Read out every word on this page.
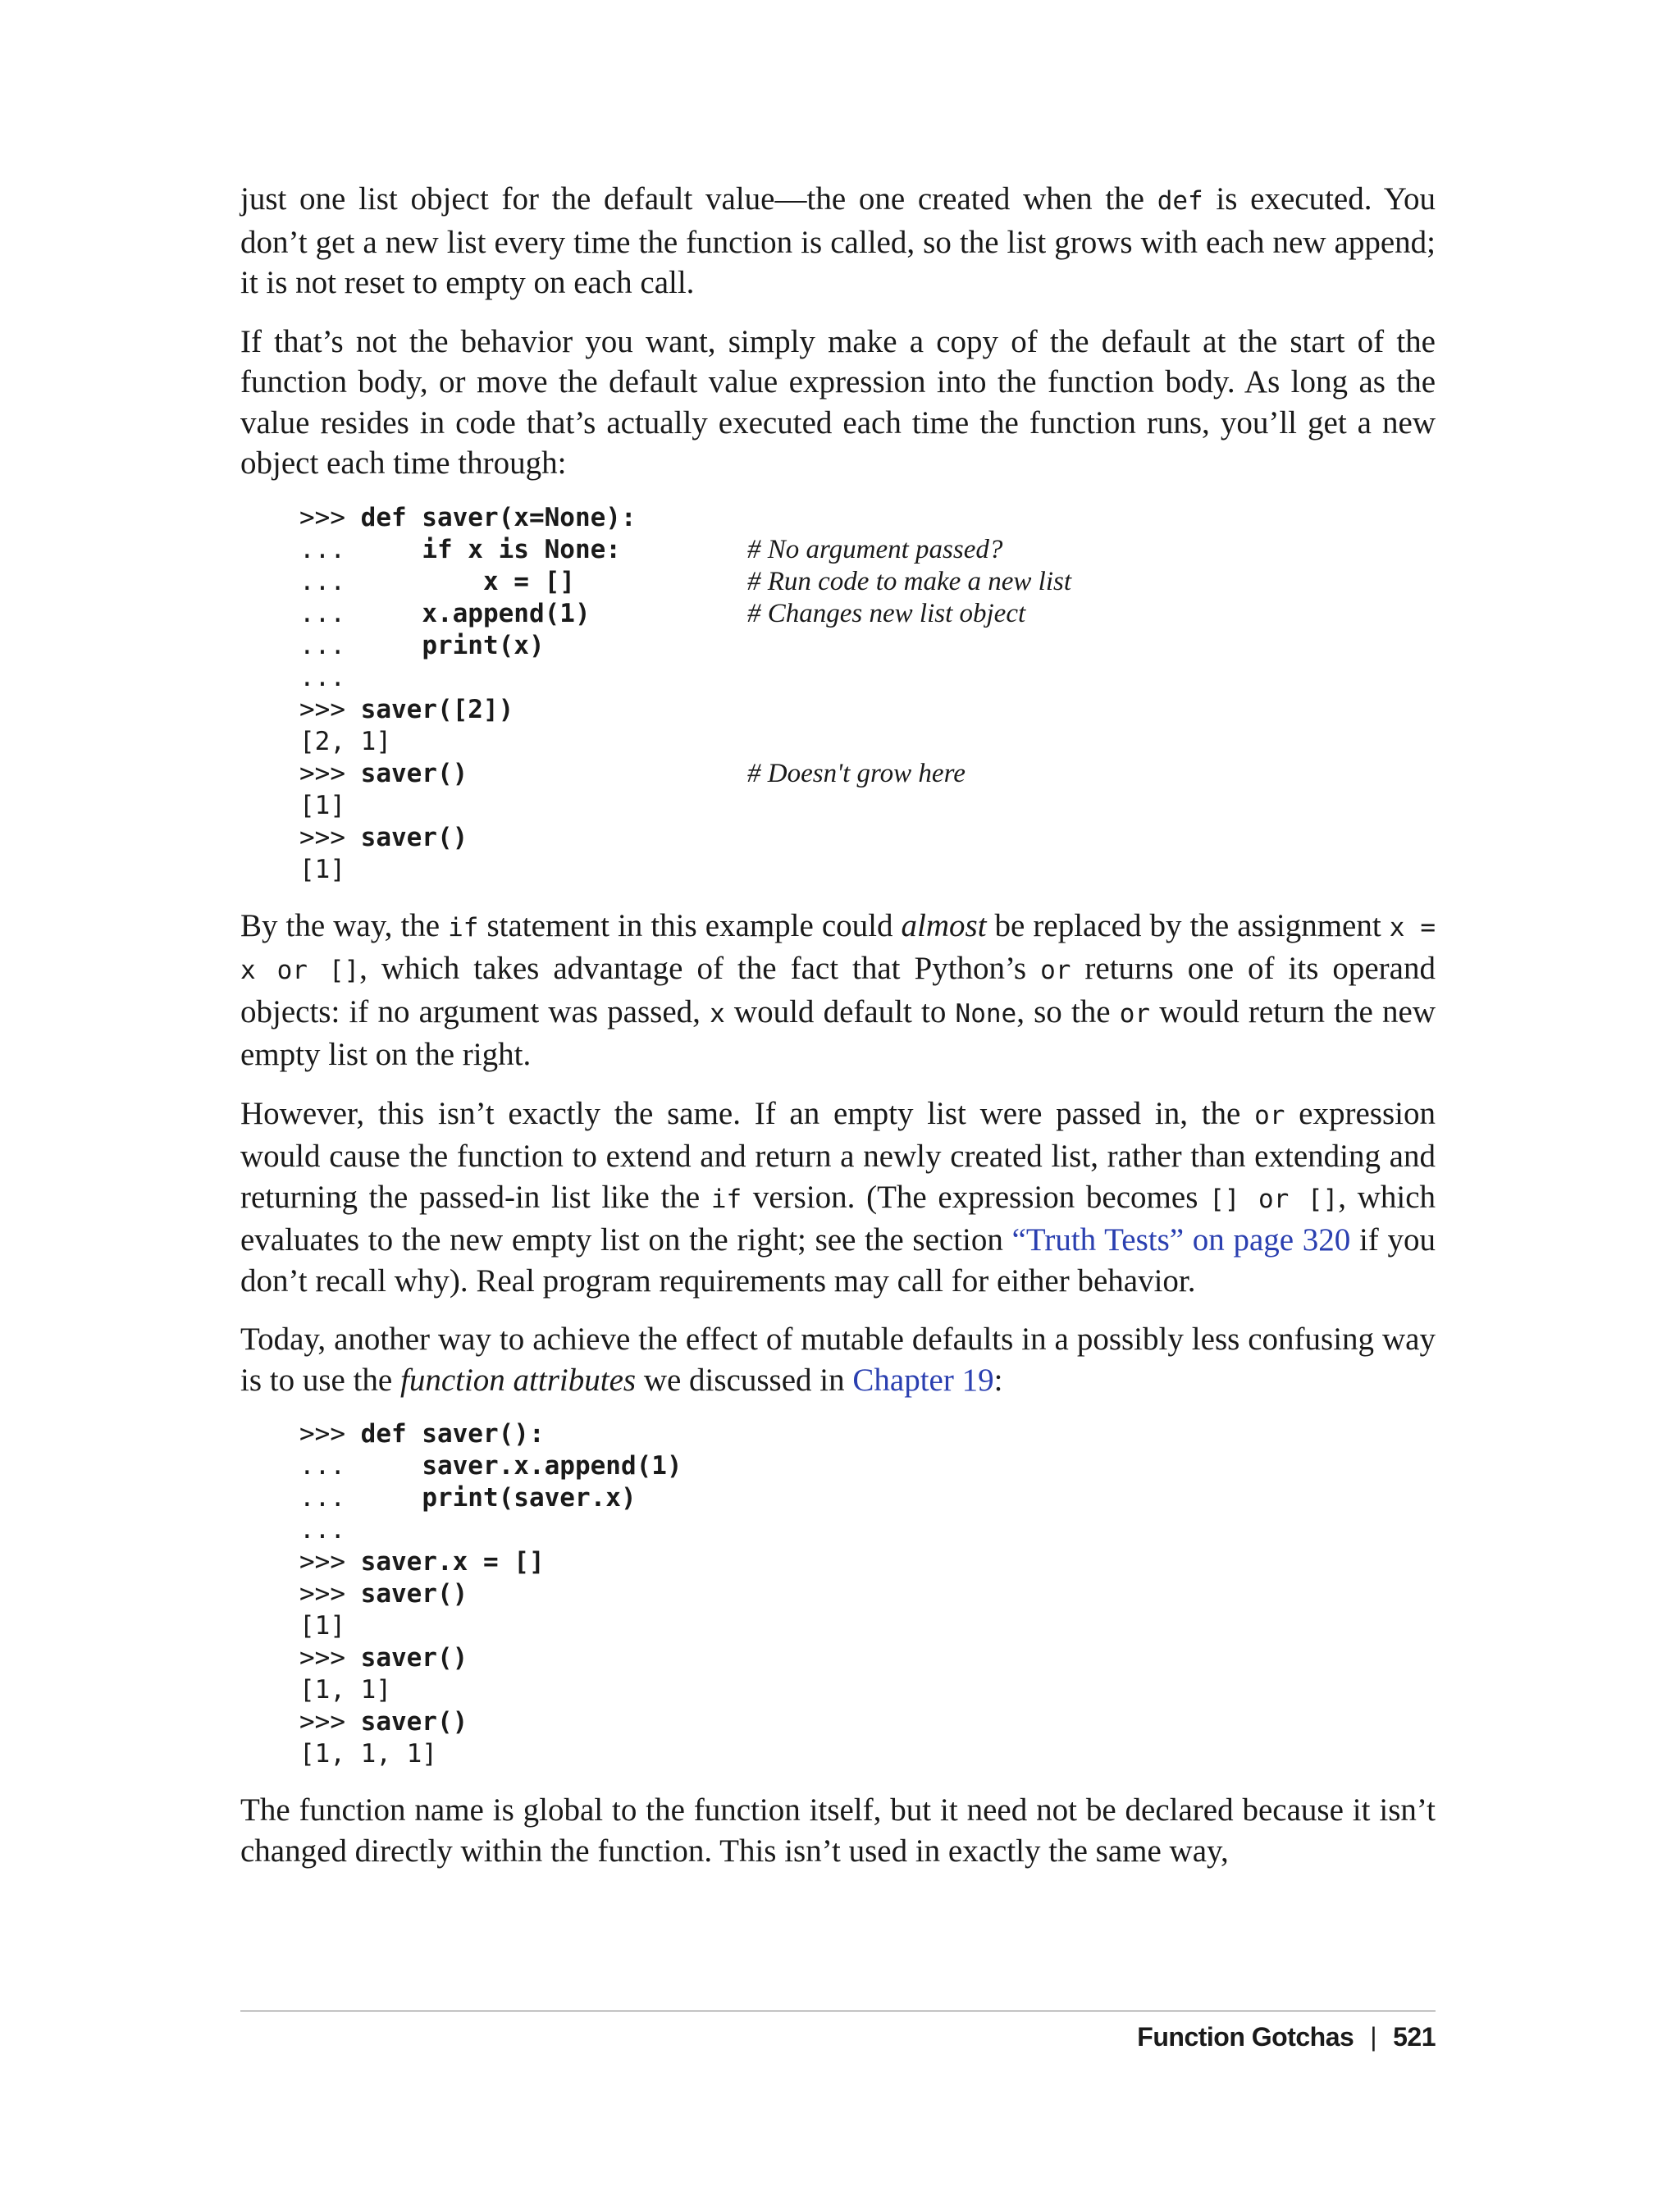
just one list object for the default value—the one created when the def is executed. You don’t get a new list every time the function is called, so the list grows with each new append; it is not reset to empty on each call.

If that’s not the behavior you want, simply make a copy of the default at the start of the function body, or move the default value expression into the function body. As long as the value resides in code that’s actually executed each time the function runs, you’ll get a new object each time through:

>>> def saver(x=None):
...     if x is None:	# No argument passed?
...         x = []	# Run code to make a new list
...     x.append(1)	# Changes new list object
...     print(x)
...
>>> saver([2])
[2, 1]
>>> saver()	# Doesn't grow here
[1]
>>> saver()
[1]

By the way, the if statement in this example could almost be replaced by the assignment x = x or [], which takes advantage of the fact that Python’s or returns one of its operand objects: if no argument was passed, x would default to None, so the or would return the new empty list on the right.

However, this isn’t exactly the same. If an empty list were passed in, the or expression would cause the function to extend and return a newly created list, rather than extending and returning the passed-in list like the if version. (The expression becomes [] or [], which evaluates to the new empty list on the right; see the section “Truth Tests” on page 320 if you don’t recall why). Real program requirements may call for either behavior.

Today, another way to achieve the effect of mutable defaults in a possibly less confusing way is to use the function attributes we discussed in Chapter 19:

>>> def saver():
...     saver.x.append(1)
...     print(saver.x)
...
>>> saver.x = []
>>> saver()
[1]
>>> saver()
[1, 1]
>>> saver()
[1, 1, 1]

The function name is global to the function itself, but it need not be declared because it isn’t changed directly within the function. This isn’t used in exactly the same way,

Function Gotchas | 521
